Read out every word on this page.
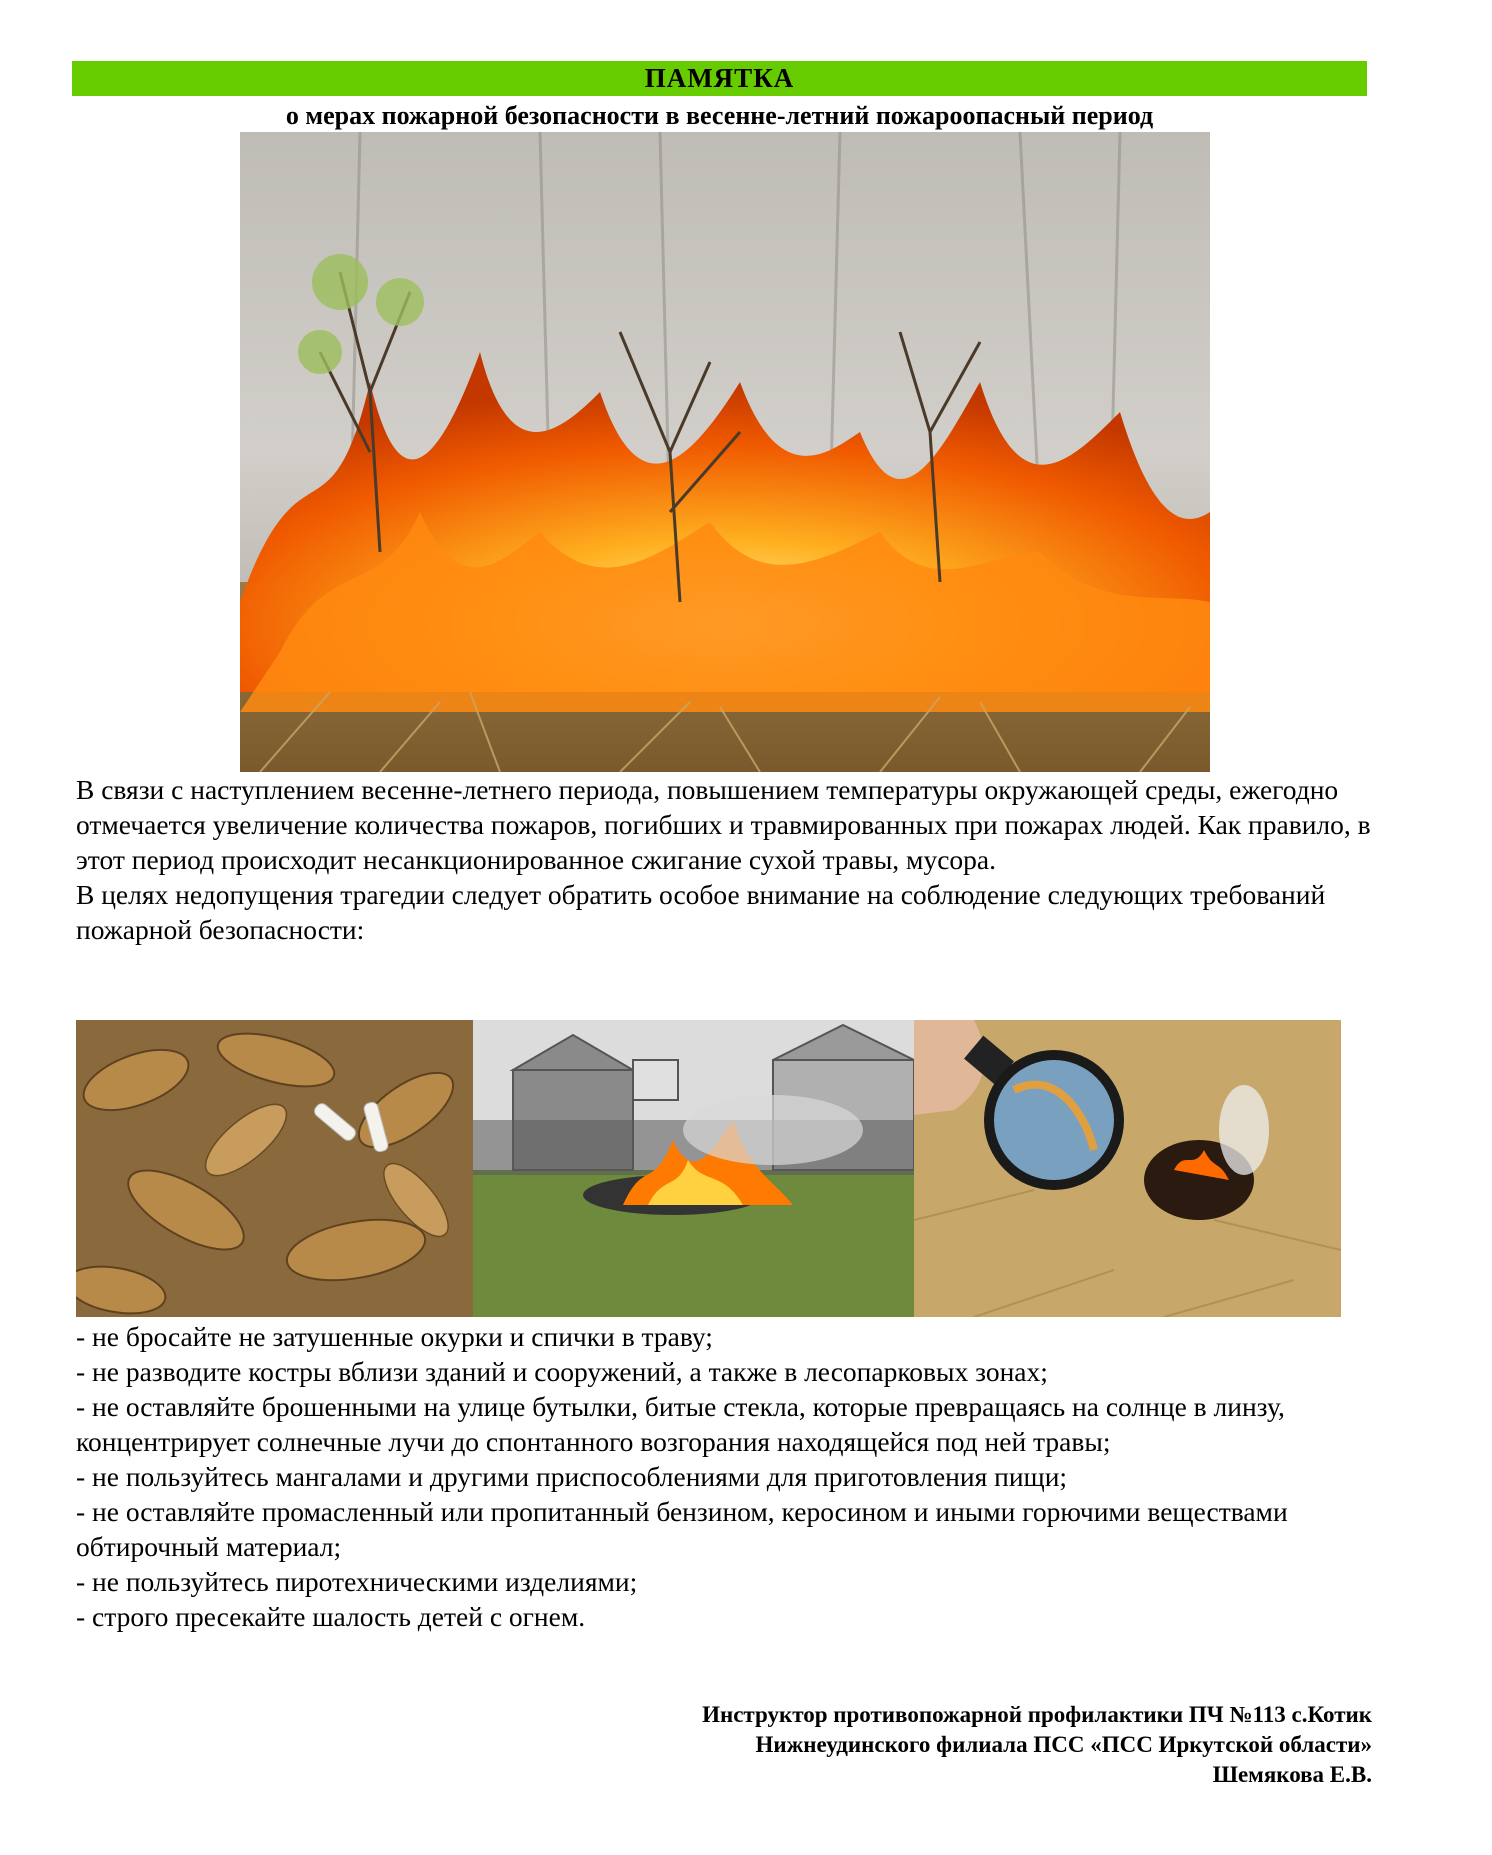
ПАМЯТКА
о мерах пожарной безопасности в весенне-летний пожароопасный период

В связи с наступлением весенне-летнего периода, повышением температуры окружающей среды, ежегодно отмечается увеличение количества пожаров, погибших и травмированных при пожарах людей. Как правило, в этот период происходит несанкционированное сжигание сухой травы, мусора.

В целях недопущения трагедии следует обратить особое внимание на соблюдение следующих требований пожарной безопасности:

- не бросайте не затушенные окурки и спички в траву;
- не разводите костры вблизи зданий и сооружений, а также в лесопарковых зонах;
- не оставляйте брошенными на улице бутылки, битые стекла, которые превращаясь на солнце в линзу, концентрирует солнечные лучи до спонтанного возгорания находящейся под ней травы;
- не пользуйтесь мангалами и другими приспособлениями для приготовления пищи;
- не оставляйте промасленный или пропитанный бензином, керосином и иными горючими веществами обтирочный материал;
- не пользуйтесь пиротехническими изделиями;
- строго пресекайте шалость детей с огнем.
Инструктор противопожарной профилактики ПЧ №113 с.Котик
Нижнеудинского филиала ПСС «ПСС Иркутской области»
Шемякова Е.В.
